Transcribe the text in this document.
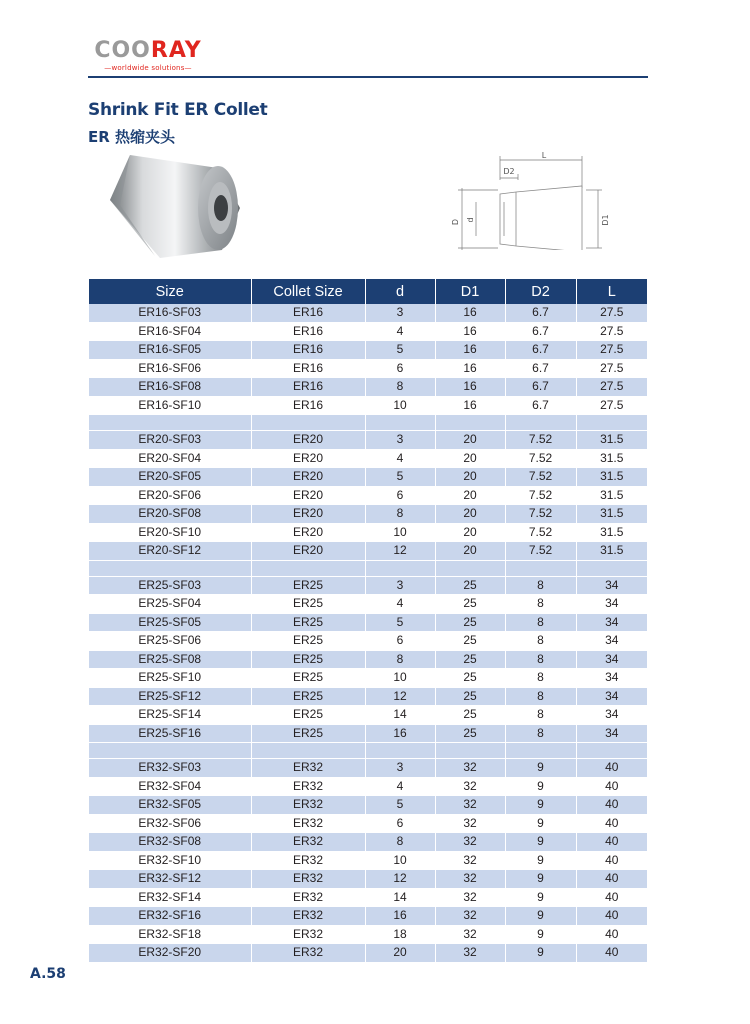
COORAY
—worldwide solutions—
Shrink Fit ER Collet
ER 热缩夹头
L
D2
D d	D1
Size	Collet Size	d	D1	D2	L
ER16-SF03	ER16	3	16	6.7	27.5
ER16-SF04	ER16	4	16	6.7	27.5
ER16-SF05	ER16	5	16	6.7	27.5
ER16-SF06	ER16	6	16	6.7	27.5
ER16-SF08	ER16	8	16	6.7	27.5
ER16-SF10	ER16	10	16	6.7	27.5

ER20-SF03	ER20	3	20	7.52	31.5
ER20-SF04	ER20	4	20	7.52	31.5
ER20-SF05	ER20	5	20	7.52	31.5
ER20-SF06	ER20	6	20	7.52	31.5
ER20-SF08	ER20	8	20	7.52	31.5
ER20-SF10	ER20	10	20	7.52	31.5
ER20-SF12	ER20	12	20	7.52	31.5

ER25-SF03	ER25	3	25	8	34
ER25-SF04	ER25	4	25	8	34
ER25-SF05	ER25	5	25	8	34
ER25-SF06	ER25	6	25	8	34
ER25-SF08	ER25	8	25	8	34
ER25-SF10	ER25	10	25	8	34
ER25-SF12	ER25	12	25	8	34
ER25-SF14	ER25	14	25	8	34
ER25-SF16	ER25	16	25	8	34

ER32-SF03	ER32	3	32	9	40
ER32-SF04	ER32	4	32	9	40
ER32-SF05	ER32	5	32	9	40
ER32-SF06	ER32	6	32	9	40
ER32-SF08	ER32	8	32	9	40
ER32-SF10	ER32	10	32	9	40
ER32-SF12	ER32	12	32	9	40
ER32-SF14	ER32	14	32	9	40
ER32-SF16	ER32	16	32	9	40
ER32-SF18	ER32	18	32	9	40
ER32-SF20	ER32	20	32	9	40
A.58
